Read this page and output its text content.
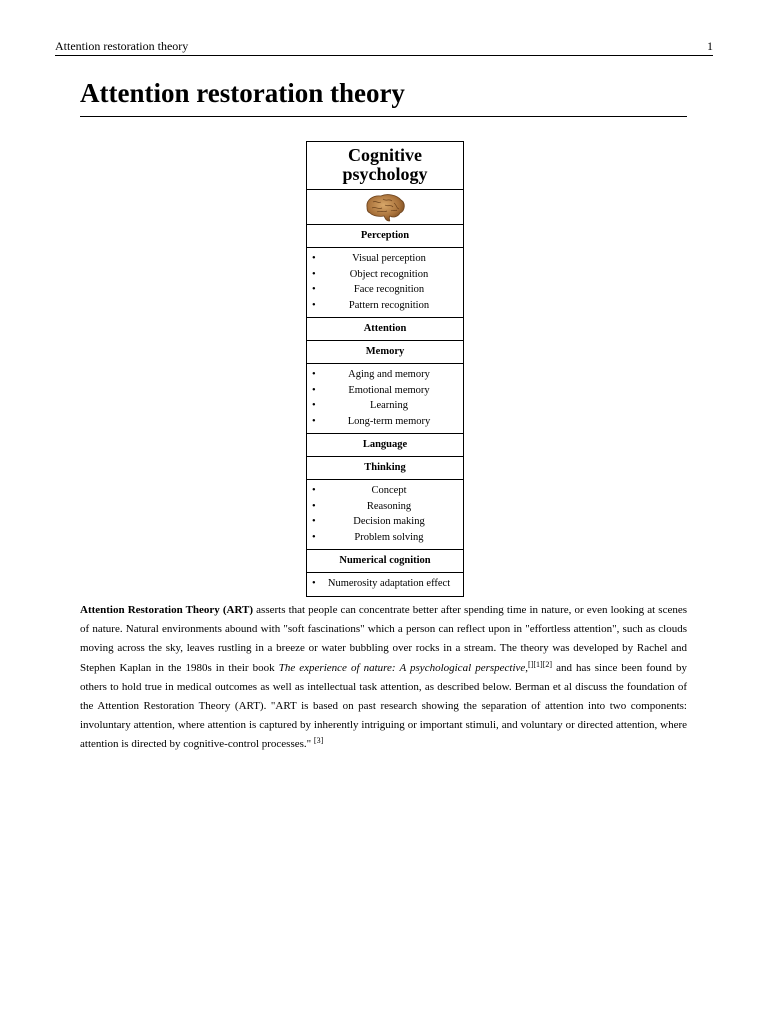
Attention restoration theory	1
Attention restoration theory
Cognitive psychology
Perception
• Visual perception
• Object recognition
• Face recognition
• Pattern recognition
Attention
Memory
• Aging and memory
• Emotional memory
• Learning
• Long-term memory
Language
Thinking
• Concept
• Reasoning
• Decision making
• Problem solving
Numerical cognition
• Numerosity adaptation effect

Attention Restoration Theory (ART) asserts that people can concentrate better after spending time in nature, or even looking at scenes of nature. Natural environments abound with "soft fascinations" which a person can reflect upon in "effortless attention", such as clouds moving across the sky, leaves rustling in a breeze or water bubbling over rocks in a stream. The theory was developed by Rachel and Stephen Kaplan in the 1980s in their book The experience of nature: A psychological perspective,[][1][2] and has since been found by others to hold true in medical outcomes as well as intellectual task attention, as described below. Berman et al discuss the foundation of the Attention Restoration Theory (ART). "ART is based on past research showing the separation of attention into two components: involuntary attention, where attention is captured by inherently intriguing or important stimuli, and voluntary or directed attention, where attention is directed by cognitive-control processes." [3]
